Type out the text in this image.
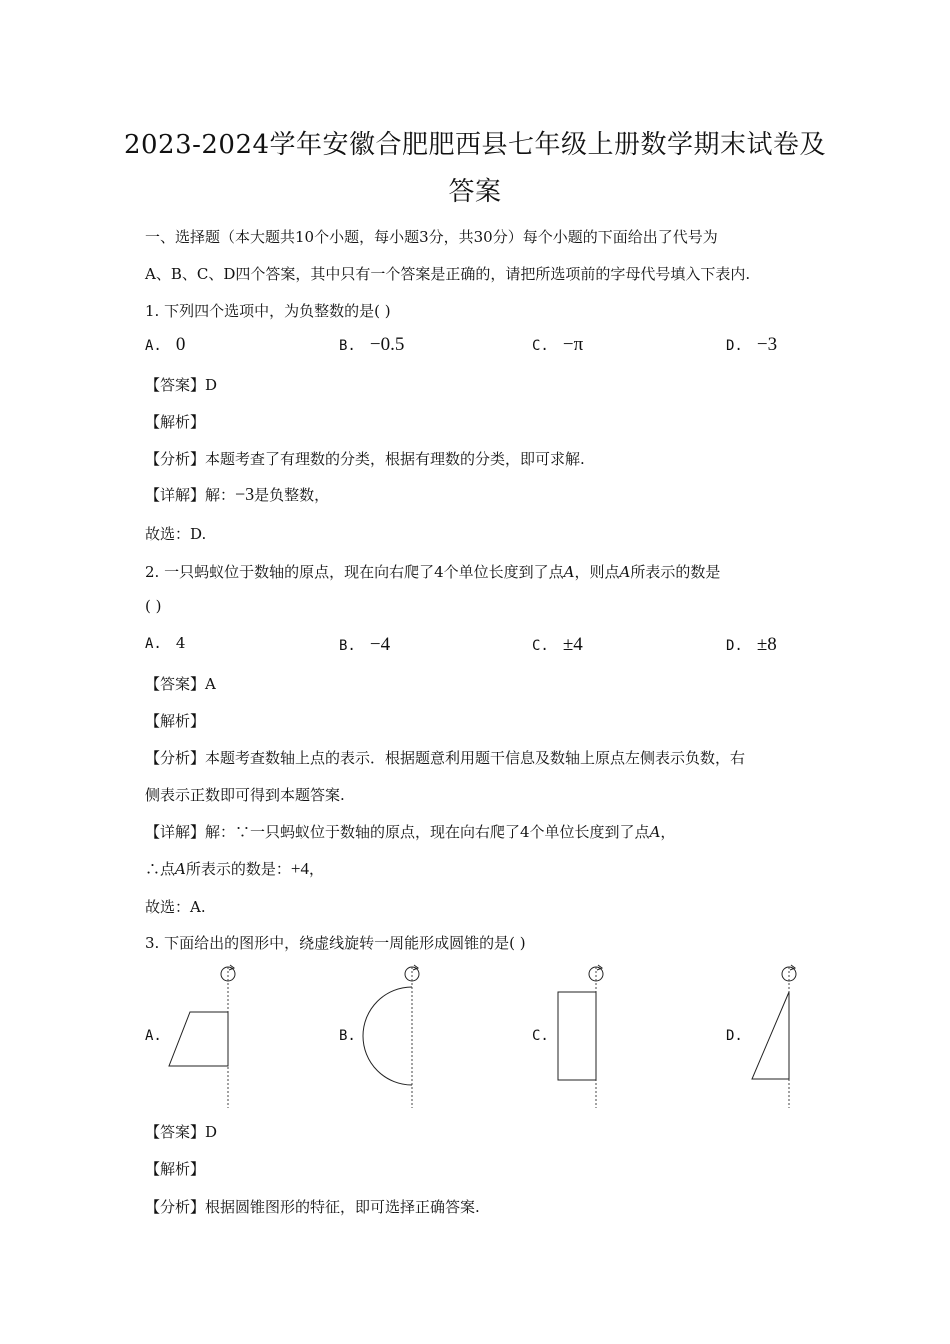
2023-2024学年安徽合肥肥西县七年级上册数学期末试卷及
答案
一、选择题（本大题共10个小题，每小题3分，共30分）每个小题的下面给出了代号为
A、B、C、D四个答案，其中只有一个答案是正确的，请把所选项前的字母代号填入下表内.
1. 下列四个选项中，为负整数的是( )
A. 0	B. −0.5	C. −π	D. −3
【答案】D
【解析】
【分析】本题考查了有理数的分类，根据有理数的分类，即可求解.
【详解】解：−3是负整数，
故选：D.
2. 一只蚂蚁位于数轴的原点，现在向右爬了4个单位长度到了点A，则点A所表示的数是
( )
A. 4	B. −4	C. ±4	D. ±8
【答案】A
【解析】
【分析】本题考查数轴上点的表示．根据题意利用题干信息及数轴上原点左侧表示负数，右
侧表示正数即可得到本题答案.
【详解】解：∵一只蚂蚁位于数轴的原点，现在向右爬了4个单位长度到了点A，
∴点A所表示的数是：+4，
故选：A.
3. 下面给出的图形中，绕虚线旋转一周能形成圆锥的是( )
A.	B.	C.	D.
【答案】D
【解析】
【分析】根据圆锥图形的特征，即可选择正确答案.
